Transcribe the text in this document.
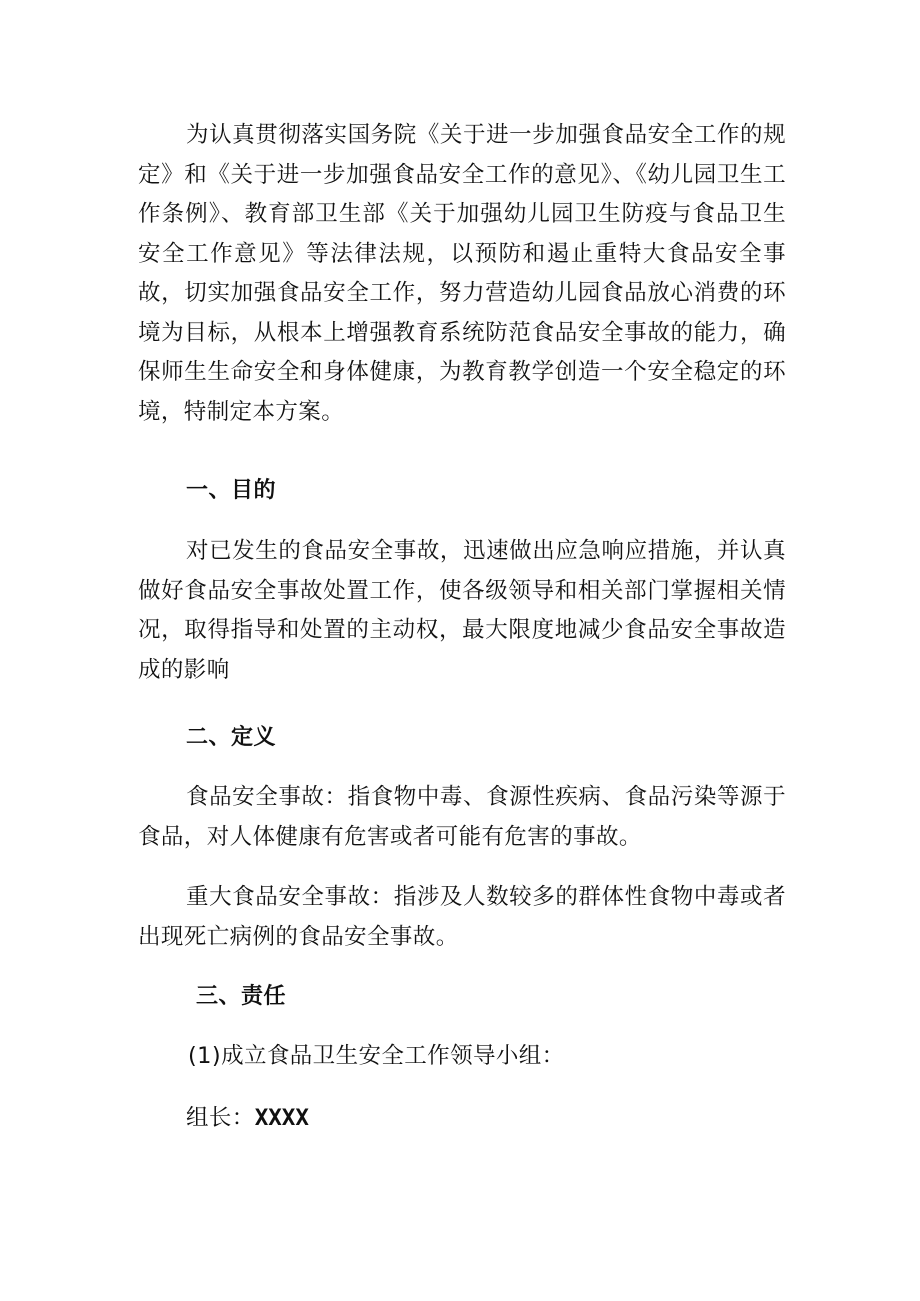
为认真贯彻落实国务院《关于进一步加强食品安全工作的规定》和《关于进一步加强食品安全工作的意见》、《幼儿园卫生工作条例》、教育部卫生部《关于加强幼儿园卫生防疫与食品卫生安全工作意见》等法律法规，以预防和遏止重特大食品安全事故，切实加强食品安全工作，努力营造幼儿园食品放心消费的环境为目标，从根本上增强教育系统防范食品安全事故的能力，确保师生生命安全和身体健康，为教育教学创造一个安全稳定的环境，特制定本方案。

一、目的

对已发生的食品安全事故，迅速做出应急响应措施，并认真做好食品安全事故处置工作，使各级领导和相关部门掌握相关情况，取得指导和处置的主动权，最大限度地减少食品安全事故造成的影响

二、定义

食品安全事故：指食物中毒、食源性疾病、食品污染等源于食品，对人体健康有危害或者可能有危害的事故。

重大食品安全事故：指涉及人数较多的群体性食物中毒或者出现死亡病例的食品安全事故。

三、责任
(1)成立食品卫生安全工作领导小组：
组长：XXXX
